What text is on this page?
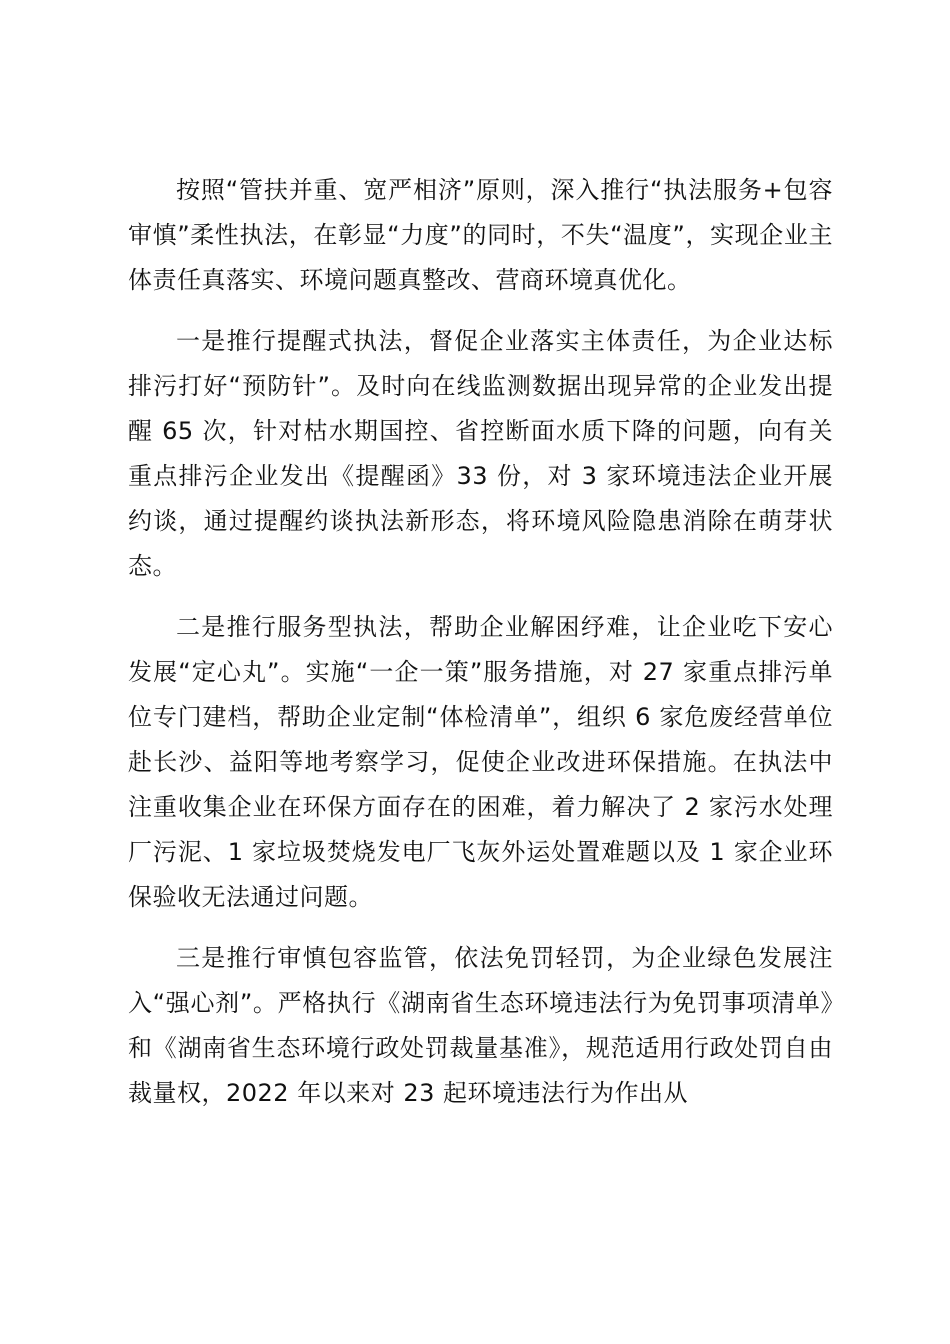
按照“管扶并重、宽严相济”原则，深入推行“执法服务+包容审慎”柔性执法，在彰显“力度”的同时，不失“温度”，实现企业主体责任真落实、环境问题真整改、营商环境真优化。

一是推行提醒式执法，督促企业落实主体责任，为企业达标排污打好“预防针”。及时向在线监测数据出现异常的企业发出提醒 65 次，针对枯水期国控、省控断面水质下降的问题，向有关重点排污企业发出《提醒函》33 份，对 3 家环境违法企业开展约谈，通过提醒约谈执法新形态，将环境风险隐患消除在萌芽状态。

二是推行服务型执法，帮助企业解困纾难，让企业吃下安心发展“定心丸”。实施“一企一策”服务措施，对 27 家重点排污单位专门建档，帮助企业定制“体检清单”，组织 6 家危废经营单位赴长沙、益阳等地考察学习，促使企业改进环保措施。在执法中注重收集企业在环保方面存在的困难，着力解决了 2 家污水处理厂污泥、1 家垃圾焚烧发电厂飞灰外运处置难题以及 1 家企业环保验收无法通过问题。

三是推行审慎包容监管，依法免罚轻罚，为企业绿色发展注入“强心剂”。严格执行《湖南省生态环境违法行为免罚事项清单》和《湖南省生态环境行政处罚裁量基准》，规范适用行政处罚自由裁量权，2022 年以来对 23 起环境违法行为作出从
